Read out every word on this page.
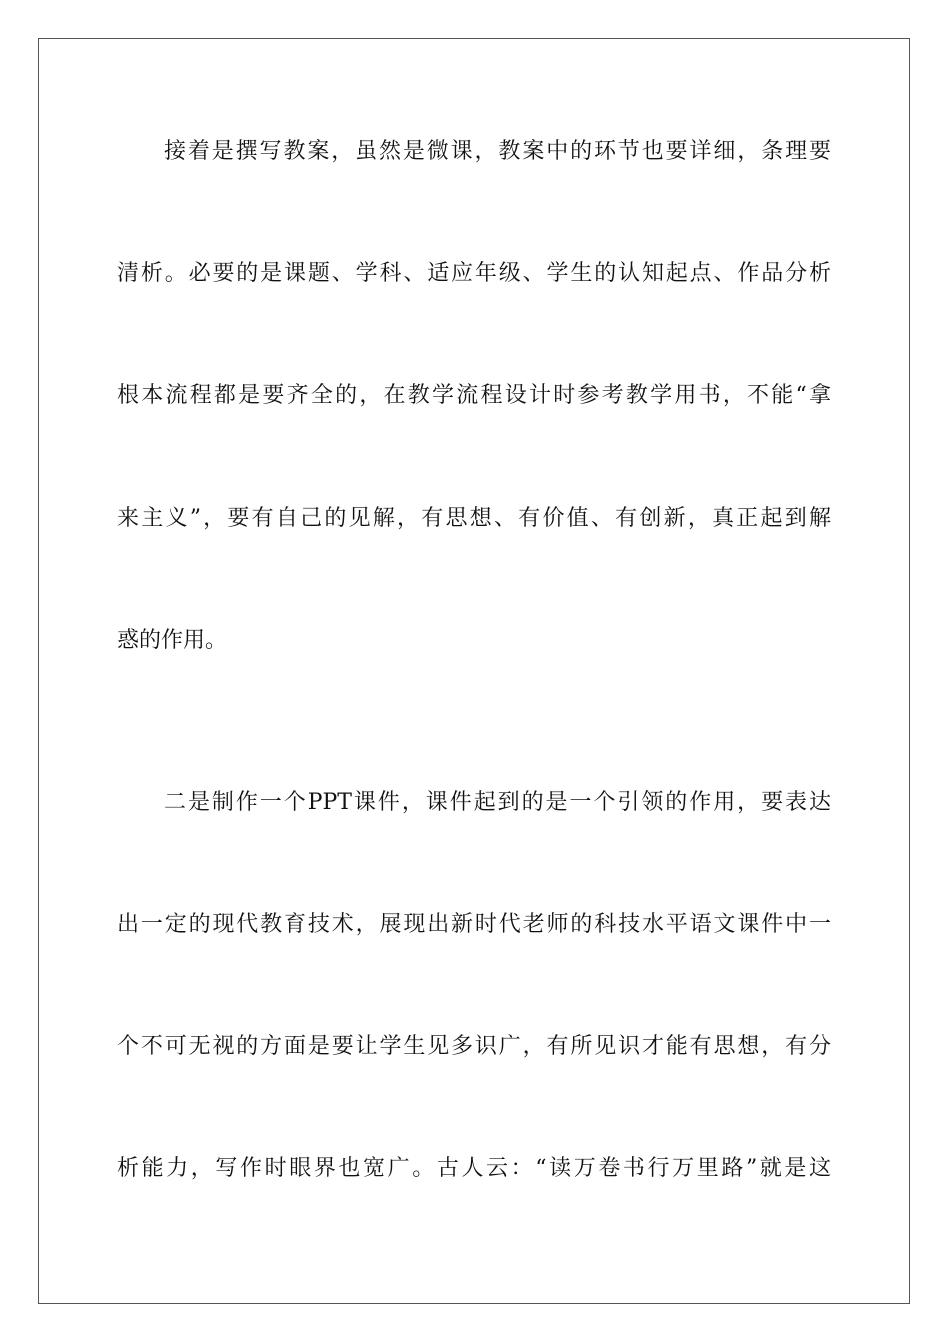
接着是撰写教案，虽然是微课，教案中的环节也要详细，条理要
清析。必要的是课题、学科、适应年级、学生的认知起点、作品分析
根本流程都是要齐全的，在教学流程设计时参考教学用书，不能“拿
来主义”，要有自己的见解，有思想、有价值、有创新，真正起到解
惑的作用。
二是制作一个PPT课件，课件起到的是一个引领的作用，要表达
出一定的现代教育技术，展现出新时代老师的科技水平语文课件中一
个不可无视的方面是要让学生见多识广，有所见识才能有思想，有分
析能力，写作时眼界也宽广。古人云：“读万卷书行万里路”就是这
